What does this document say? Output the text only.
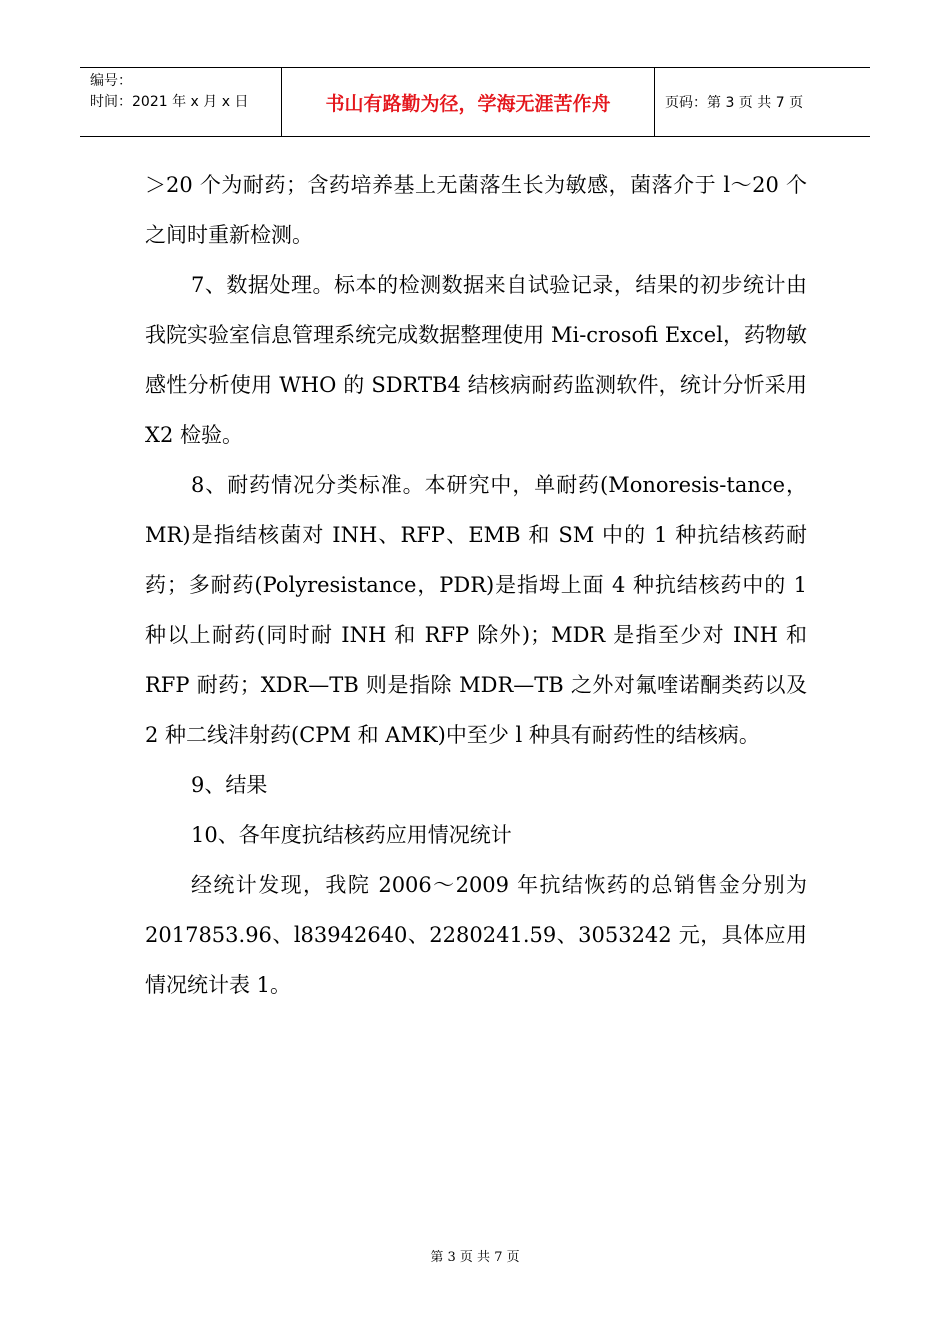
编号：
时间：2021 年 x 月 x 日	书山有路勤为径，学海无涯苦作舟	页码：第 3 页 共 7 页

＞20 个为耐药；含药培养基上无菌落生长为敏感，菌落介于 l～20 个之间时重新检测。

7、数据处理。标本的检测数据来自试验记录，结果的初步统计由我院实验室信息管理系统完成数据整理使用 Mi-crosofi Excel，药物敏感性分析使用 WHO 的 SDRTB4 结核病耐药监测软件，统计分忻采用 X2 检验。

8、耐药情况分类标准。本研究中，单耐药(Monoresis-tance，MR)是指结核菌对 INH、RFP、EMB 和 SM 中的 1 种抗结核药耐药；多耐药(Polyresistance，PDR)是指坶上面 4 种抗结核药中的 1 种以上耐药(同时耐 INH 和 RFP 除外)；MDR 是指至少对 INH 和 RFP 耐药；XDR—TB 则是指除 MDR—TB 之外对氟喹诺酮类药以及 2 种二线沣射药(CPM 和 AMK)中至少 l 种具有耐药性的结核病。

9、结果

10、各年度抗结核药应用情况统计

经统计发现，我院 2006～2009 年抗结恢药的总销售金分别为 2017853.96、l83942640、2280241.59、3053242 元，具体应用情况统计表 1。

第 3 页 共 7 页
